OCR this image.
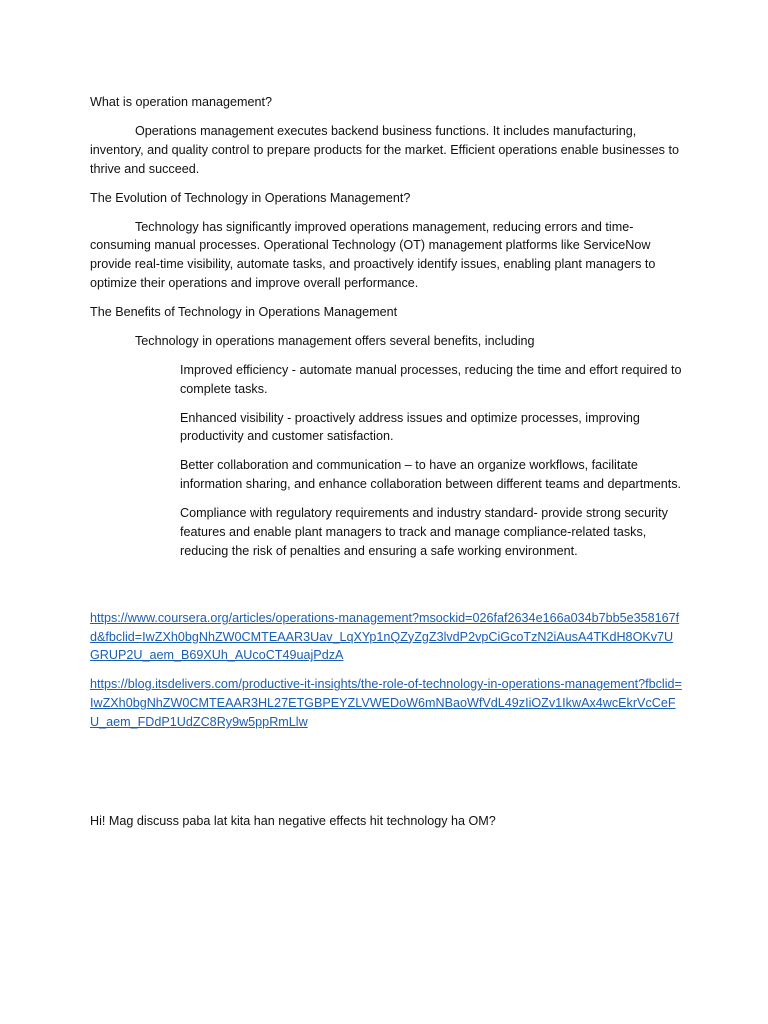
What is operation management?

Operations management executes backend business functions. It includes manufacturing, inventory, and quality control to prepare products for the market. Efficient operations enable businesses to thrive and succeed.

The Evolution of Technology in Operations Management?

Technology has significantly improved operations management, reducing errors and time-consuming manual processes. Operational Technology (OT) management platforms like ServiceNow provide real-time visibility, automate tasks, and proactively identify issues, enabling plant managers to optimize their operations and improve overall performance.

The Benefits of Technology in Operations Management

Technology in operations management offers several benefits, including

Improved efficiency - automate manual processes, reducing the time and effort required to complete tasks.
Enhanced visibility - proactively address issues and optimize processes, improving productivity and customer satisfaction.
Better collaboration and communication – to have an organize workflows, facilitate information sharing, and enhance collaboration between different teams and departments.
Compliance with regulatory requirements and industry standard- provide strong security features and enable plant managers to track and manage compliance-related tasks, reducing the risk of penalties and ensuring a safe working environment.
https://www.coursera.org/articles/operations-management?msockid=026faf2634e166a034b7bb5e358167fd&fbclid=IwZXh0bgNhZW0CMTEAAR3Uav_LqXYp1nQZyZgZ3lvdP2vpCiGcoTzN2iAusA4TKdH8OKv7UGRUP2U_aem_B69XUh_AUcoCT49uajPdzA
https://blog.itsdelivers.com/productive-it-insights/the-role-of-technology-in-operations-management?fbclid=IwZXh0bgNhZW0CMTEAAR3HL27ETGBPEYZLVWEDoW6mNBaoWfVdL49zIiOZv1IkwAx4wcEkrVcCeFU_aem_FDdP1UdZC8Ry9w5ppRmLlw

Hi! Mag discuss paba lat kita han negative effects hit technology ha OM?
